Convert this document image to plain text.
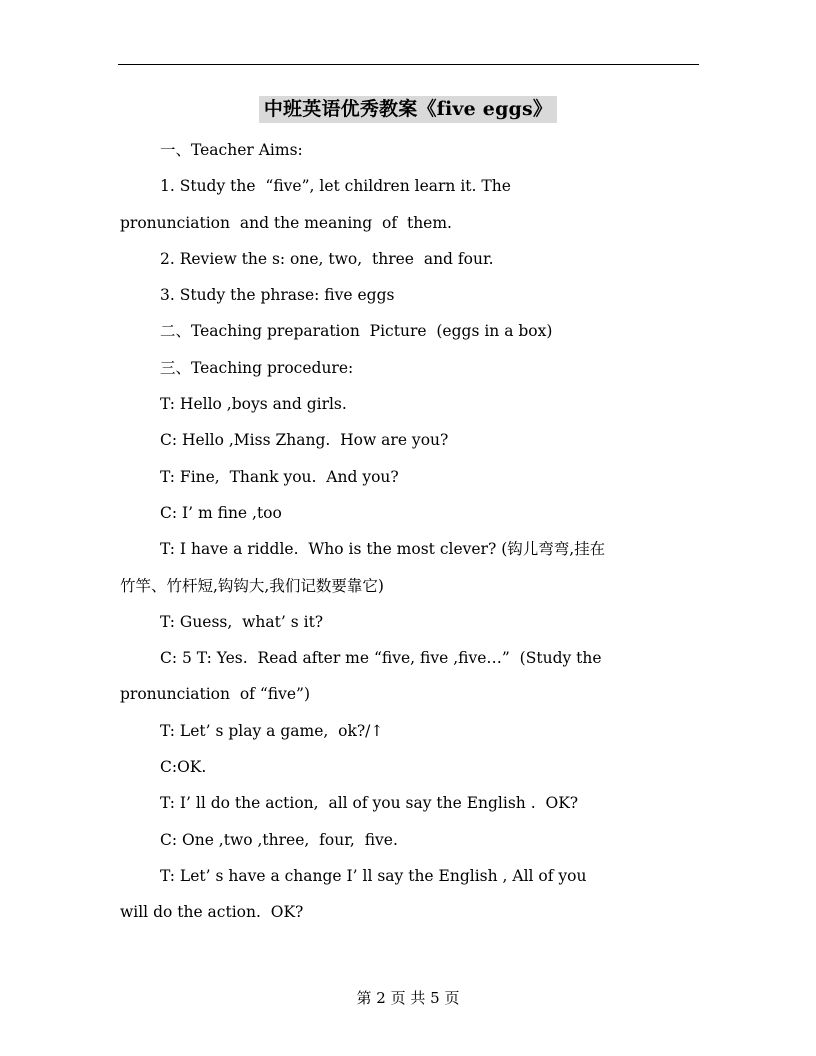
中班英语优秀教案《five eggs》
一、Teacher Aims:
1. Study the  “five”, let children learn it. The
pronunciation  and the meaning  of  them.
2. Review the s: one, two,  three  and four.
3. Study the phrase: five eggs
二、Teaching preparation  Picture  (eggs in a box)
三、Teaching procedure:
T: Hello ,boys and girls.
C: Hello ,Miss Zhang.  How are you?
T: Fine,  Thank you.  And you?
C: I’ m fine ,too
T: I have a riddle.  Who is the most clever? (钩儿弯弯,挂在
竹竿、竹杆短,钩钩大,我们记数要靠它)
T: Guess,  what’ s it?
C: 5 T: Yes.  Read after me “five, five ,five…”  (Study the
pronunciation  of “five”)
T: Let’ s play a game,  ok?/↑
C:OK.
T: I’ ll do the action,  all of you say the English .  OK?
C: One ,two ,three,  four,  five.
T: Let’ s have a change I’ ll say the English , All of you
will do the action.  OK?
第 2 页 共 5 页
